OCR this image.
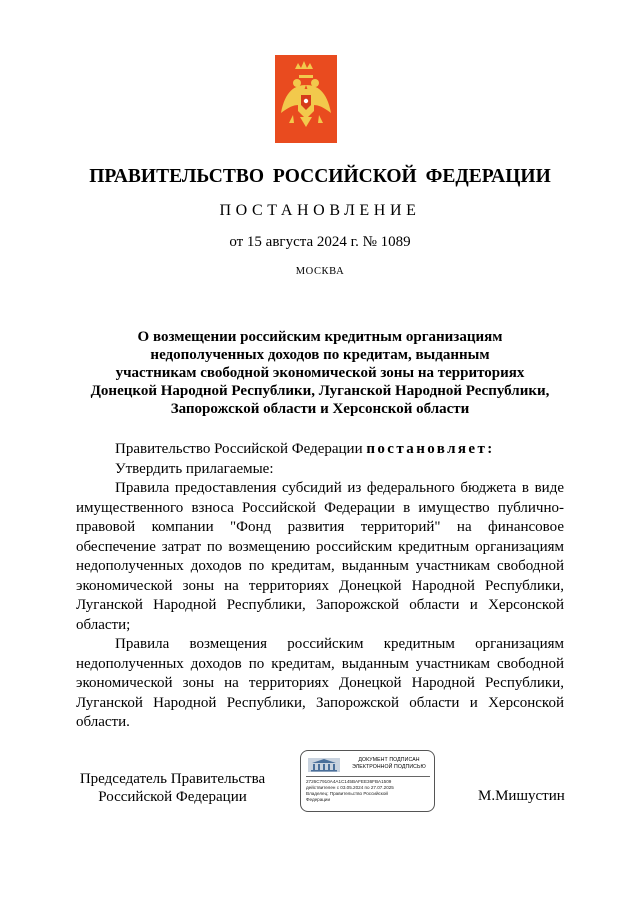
ПРАВИТЕЛЬСТВО РОССИЙСКОЙ ФЕДЕРАЦИИ
ПОСТАНОВЛЕНИЕ
от 15 августа 2024 г. № 1089
МОСКВА
О возмещении российским кредитным организациям
недополученных доходов по кредитам, выданным
участникам свободной экономической зоны на территориях
Донецкой Народной Республики, Луганской Народной Республики,
Запорожской области и Херсонской области

Правительство Российской Федерации постановляет:

Утвердить прилагаемые:

Правила предоставления субсидий из федерального бюджета в виде имущественного взноса Российской Федерации в имущество публично-правовой компании "Фонд развития территорий" на финансовое обеспечение затрат по возмещению российским кредитным организациям недополученных доходов по кредитам, выданным участникам свободной экономической зоны на территориях Донецкой Народной Республики, Луганской Народной Республики, Запорожской области и Херсонской области;

Правила возмещения российским кредитным организациям недополученных доходов по кредитам, выданным участникам свободной экономической зоны на территориях Донецкой Народной Республики, Луганской Народной Республики, Запорожской области и Херсонской области.

Председатель Правительства
Российской Федерации
ДОКУМЕНТ ПОДПИСАН
ЭЛЕКТРОННОЙ ПОДПИСЬЮ
2726C7910A4A1C145BAFEE36FBA1509
действителен с 03.05.2024 по 27.07.2025
Владелец: Правительство Российской
Федерации	М.Мишустин
